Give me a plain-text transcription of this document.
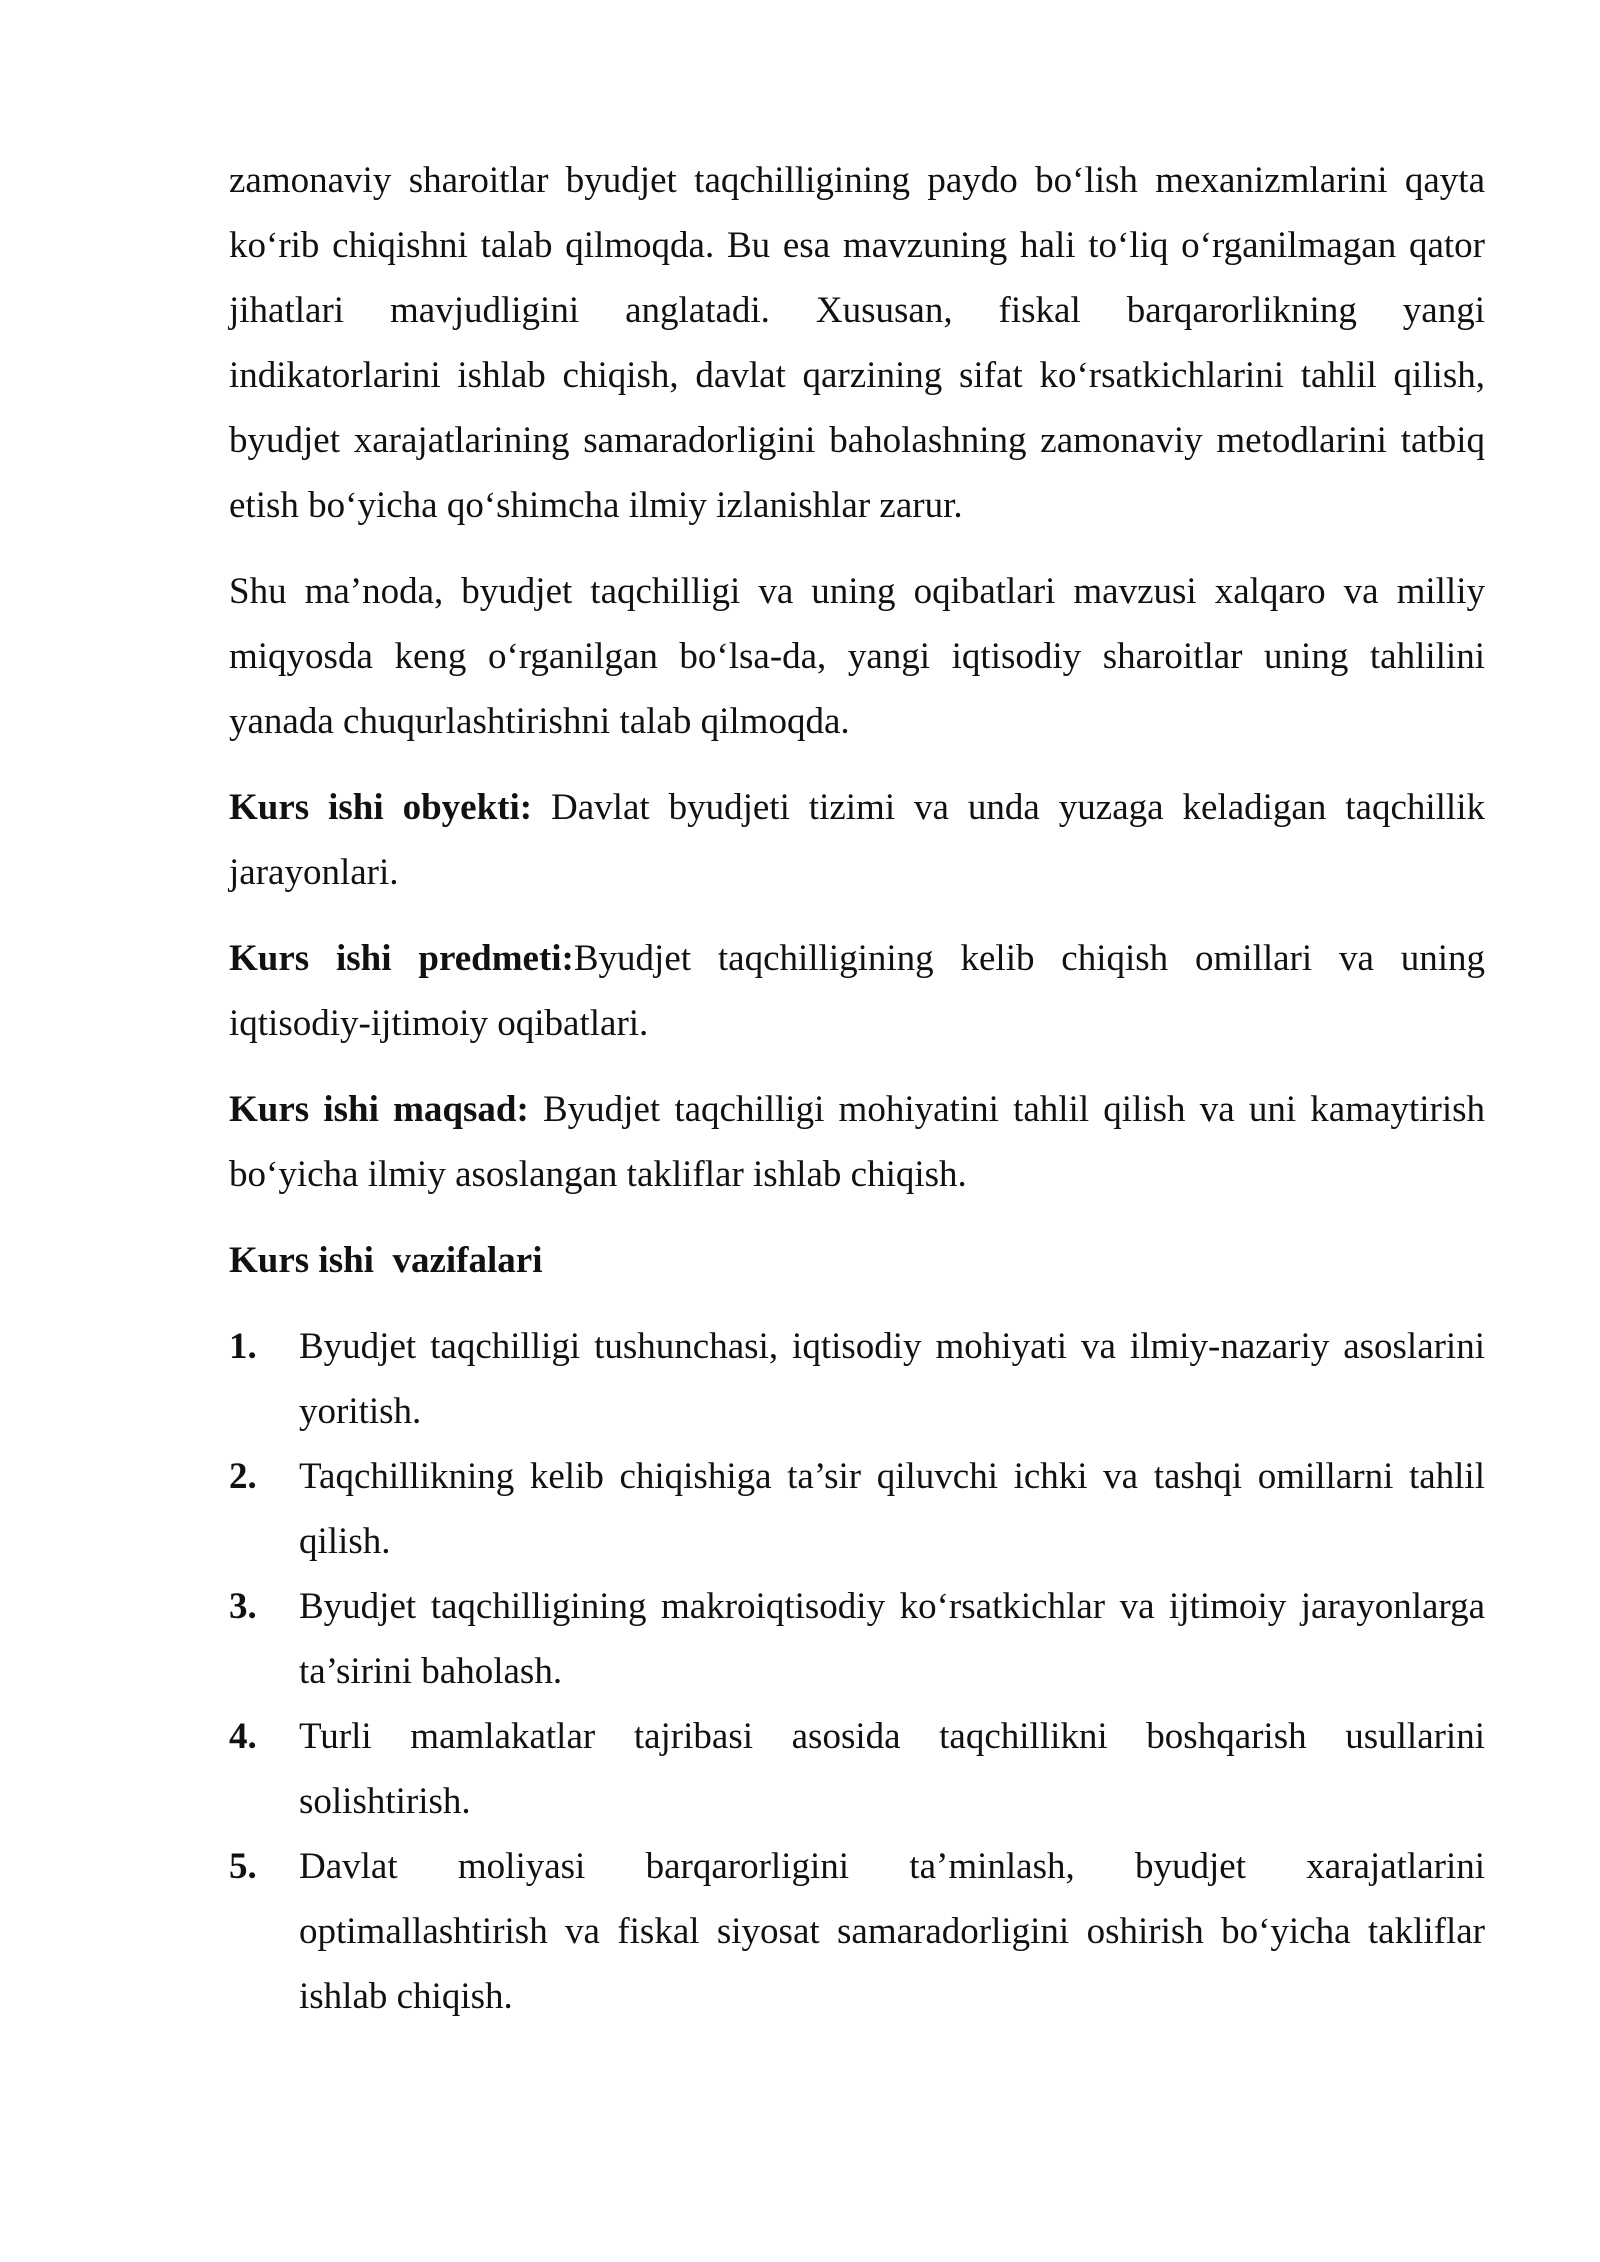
zamonaviy sharoitlar byudjet taqchilligining paydo bo‘lish mexanizmlarini qayta ko‘rib chiqishni talab qilmoqda. Bu esa mavzuning hali to‘liq o‘rganilmagan qator jihatlari mavjudligini anglatadi. Xususan, fiskal barqarorlikning yangi indikatorlarini ishlab chiqish, davlat qarzining sifat ko‘rsatkichlarini tahlil qilish, byudjet xarajatlarining samaradorligini baholashning zamonaviy metodlarini tatbiq etish bo‘yicha qo‘shimcha ilmiy izlanishlar zarur.

Shu ma’noda, byudjet taqchilligi va uning oqibatlari mavzusi xalqaro va milliy miqyosda keng o‘rganilgan bo‘lsa-da, yangi iqtisodiy sharoitlar uning tahlilini yanada chuqurlashtirishni talab qilmoqda.

Kurs ishi obyekti: Davlat byudjeti tizimi va unda yuzaga keladigan taqchillik jarayonlari.

Kurs ishi predmeti:Byudjet taqchilligining kelib chiqish omillari va uning iqtisodiy-ijtimoiy oqibatlari.

Kurs ishi maqsad: Byudjet taqchilligi mohiyatini tahlil qilish va uni kamaytirish bo‘yicha ilmiy asoslangan takliflar ishlab chiqish.

Kurs ishi  vazifalari
1. Byudjet taqchilligi tushunchasi, iqtisodiy mohiyati va ilmiy-nazariy asoslarini yoritish.
2. Taqchillikning kelib chiqishiga ta’sir qiluvchi ichki va tashqi omillarni tahlil qilish.
3. Byudjet taqchilligining makroiqtisodiy ko‘rsatkichlar va ijtimoiy jarayonlarga ta’sirini baholash.
4. Turli mamlakatlar tajribasi asosida taqchillikni boshqarish usullarini solishtirish.
5. Davlat moliyasi barqarorligini ta’minlash, byudjet xarajatlarini optimallashtirish va fiskal siyosat samaradorligini oshirish bo‘yicha takliflar ishlab chiqish.
